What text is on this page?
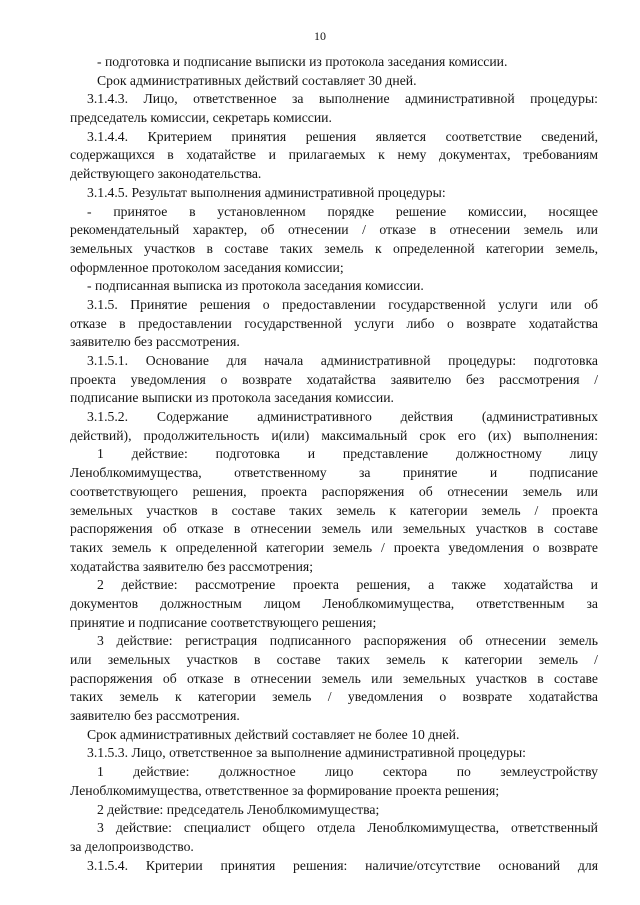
10
- подготовка и подписание выписки из протокола заседания комиссии.
Срок административных действий составляет 30 дней.
3.1.4.3. Лицо, ответственное за выполнение административной процедуры:
председатель комиссии, секретарь комиссии.
3.1.4.4. Критерием принятия решения является соответствие сведений,
содержащихся в ходатайстве и прилагаемых к нему документах, требованиям
действующего законодательства.
3.1.4.5. Результат выполнения административной процедуры:
- принятое в установленном порядке решение комиссии, носящее
рекомендательный характер, об отнесении / отказе в отнесении земель или
земельных участков в составе таких земель к определенной категории земель,
оформленное протоколом заседания комиссии;
- подписанная выписка из протокола заседания комиссии.
3.1.5. Принятие решения о предоставлении государственной услуги или об
отказе в предоставлении государственной услуги либо о возврате ходатайства
заявителю без рассмотрения.
3.1.5.1. Основание для начала административной процедуры: подготовка
проекта уведомления о возврате ходатайства заявителю без рассмотрения /
подписание выписки из протокола заседания комиссии.
3.1.5.2. Содержание административного действия (административных
действий), продолжительность и(или) максимальный срок его (их) выполнения:
1 действие: подготовка и представление должностному лицу
Леноблкомимущества, ответственному за принятие и подписание
соответствующего решения, проекта распоряжения об отнесении земель или
земельных участков в составе таких земель к категории земель / проекта
распоряжения об отказе в отнесении земель или земельных участков в составе
таких земель к определенной категории земель / проекта уведомления о возврате
ходатайства заявителю без рассмотрения;
2 действие: рассмотрение проекта решения, а также ходатайства и
документов должностным лицом Леноблкомимущества, ответственным за
принятие и подписание соответствующего решения;
3 действие: регистрация подписанного распоряжения об отнесении земель
или земельных участков в составе таких земель к категории земель /
распоряжения об отказе в отнесении земель или земельных участков в составе
таких земель к категории земель / уведомления о возврате ходатайства
заявителю без рассмотрения.
Срок административных действий составляет не более 10 дней.
3.1.5.3. Лицо, ответственное за выполнение административной процедуры:
1 действие: должностное лицо сектора по землеустройству
Леноблкомимущества, ответственное за формирование проекта решения;
2 действие: председатель Леноблкомимущества;
3 действие: специалист общего отдела Леноблкомимущества, ответственный
за делопроизводство.
3.1.5.4. Критерии принятия решения: наличие/отсутствие оснований для
